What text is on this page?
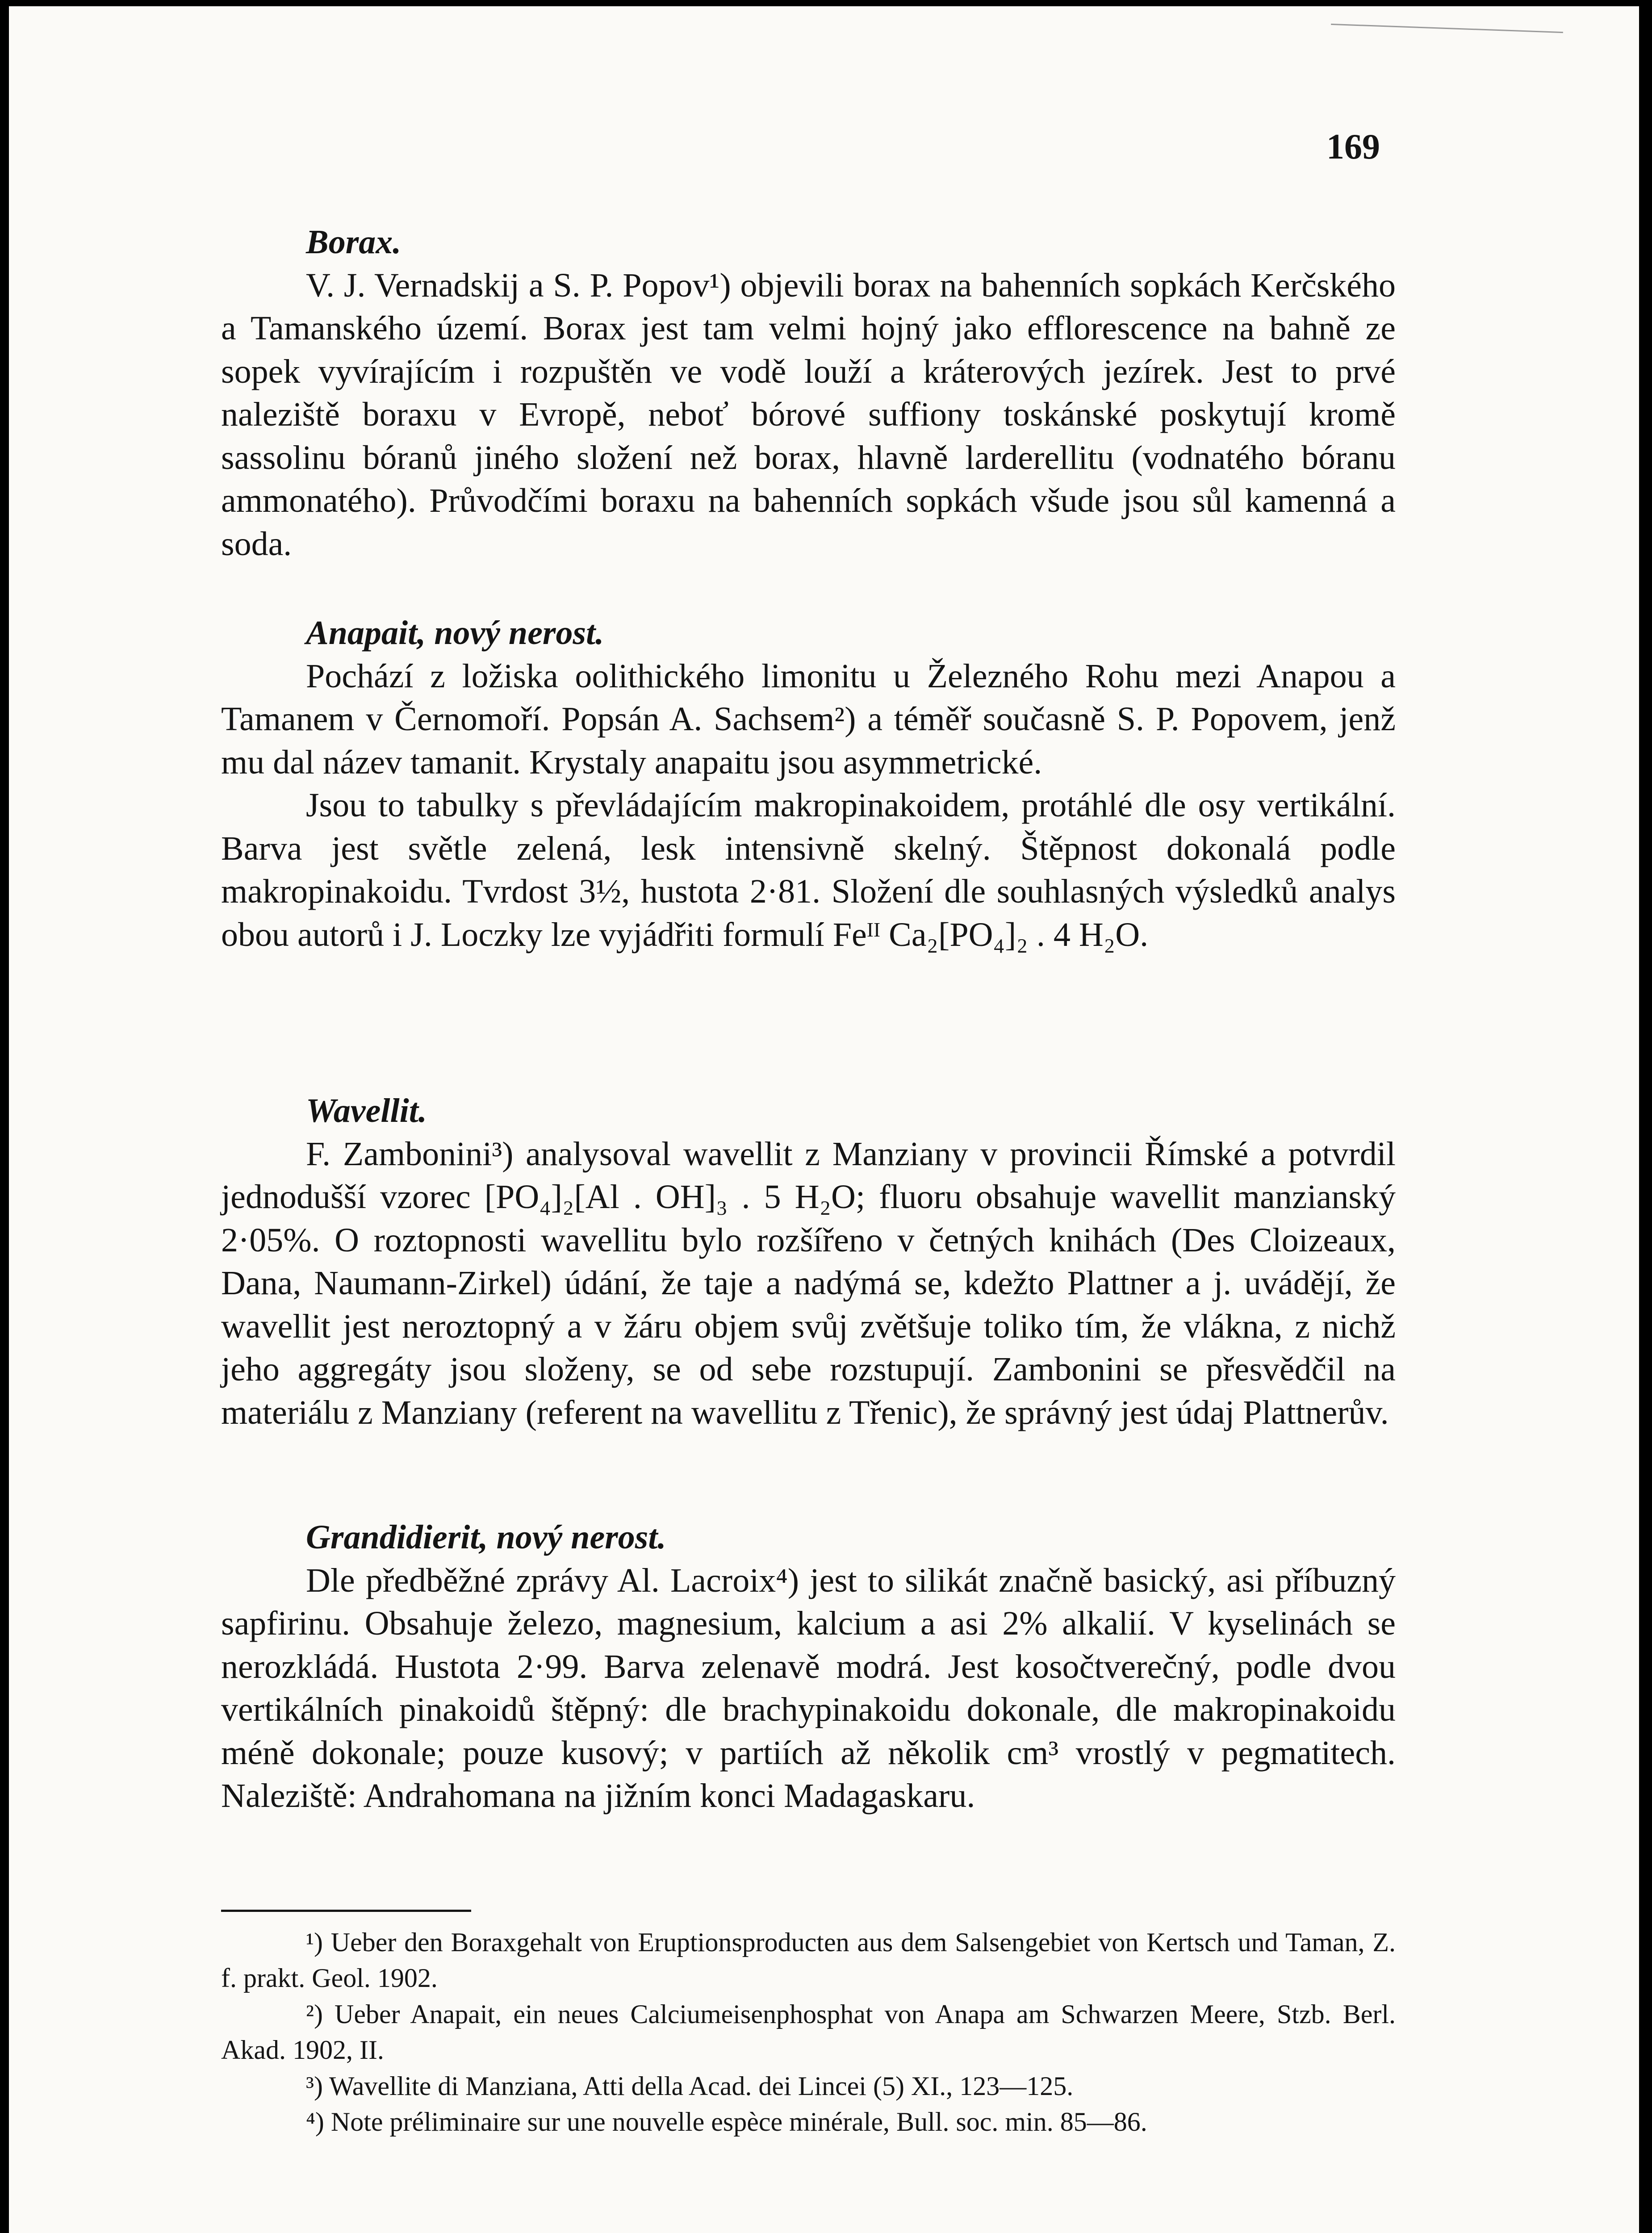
169

Borax.

V. J. Vernadskij a S. P. Popov¹) objevili borax na bahenních sopkách Kerčského a Tamanského území. Borax jest tam velmi hojný jako efflorescence na bahně ze sopek vyvírajícím i rozpuštěn ve vodě louží a kráterových jezírek. Jest to prvé naleziště boraxu v Evropě, neboť bórové suffiony toskánské poskytují kromě sassolinu bóranů jiného složení než borax, hlavně larderellitu (vodnatého bóranu ammonatého). Průvodčími boraxu na bahenních sopkách všude jsou sůl kamenná a soda.

Anapait, nový nerost.

Pochází z ložiska oolithického limonitu u Železného Rohu mezi Anapou a Tamanem v Černomoří. Popsán A. Sachsem²) a téměř současně S. P. Popovem, jenž mu dal název tamanit. Krystaly anapaitu jsou asymmetrické.

Jsou to tabulky s převládajícím makropinakoidem, protáhlé dle osy vertikální. Barva jest světle zelená, lesk intensivně skelný. Štěpnost dokonalá podle makropinakoidu. Tvrdost 3½, hustota 2·81. Složení dle souhlasných výsledků analys obou autorů i J. Loczky lze vyjádřiti formulí Feᴵᴵ Ca₂[PO₄]₂ . 4 H₂O.

Wavellit.

F. Zambonini³) analysoval wavellit z Manziany v provincii Římské a potvrdil jednodušší vzorec [PO₄]₂[Al . OH]₃ . 5 H₂O; fluoru obsahuje wavellit manzianský 2·05%. O roztopnosti wavellitu bylo rozšířeno v četných knihách (Des Cloizeaux, Dana, Naumann-Zirkel) údání, že taje a nadýmá se, kdežto Plattner a j. uvádějí, že wavellit jest neroztopný a v žáru objem svůj zvětšuje toliko tím, že vlákna, z nichž jeho aggregáty jsou složeny, se od sebe rozstupují. Zambonini se přesvědčil na materiálu z Manziany (referent na wavellitu z Třenic), že správný jest údaj Plattnerův.

Grandidierit, nový nerost.

Dle předběžné zprávy Al. Lacroix⁴) jest to silikát značně basický, asi příbuzný sapfirinu. Obsahuje železo, magnesium, kalcium a asi 2% alkalií. V kyselinách se nerozkládá. Hustota 2·99. Barva zelenavě modrá. Jest kosočtverečný, podle dvou vertikálních pinakoidů štěpný: dle brachypinakoidu dokonale, dle makropinakoidu méně dokonale; pouze kusový; v partiích až několik cm³ vrostlý v pegmatitech. Naleziště: Andrahomana na jižním konci Madagaskaru.

¹) Ueber den Boraxgehalt von Eruptionsproducten aus dem Salsengebiet von Kertsch und Taman, Z. f. prakt. Geol. 1902.

²) Ueber Anapait, ein neues Calciumeisenphosphat von Anapa am Schwarzen Meere, Stzb. Berl. Akad. 1902, II.

³) Wavellite di Manziana, Atti della Acad. dei Lincei (5) XI., 123—125.

⁴) Note préliminaire sur une nouvelle espèce minérale, Bull. soc. min. 85—86.
